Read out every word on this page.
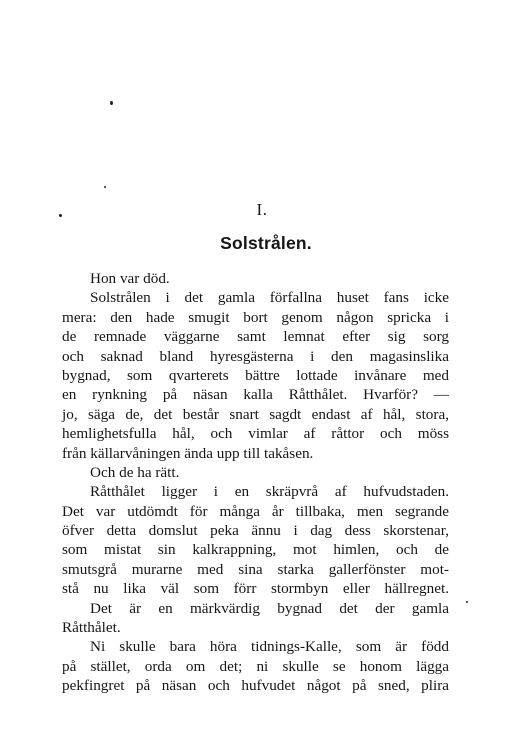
I.
Solstrålen.
Hon var död.
Solstrålen i det gamla förfallna huset fans icke
mera: den hade smugit bort genom någon spricka i
de remnade väggarne samt lemnat efter sig sorg
och saknad bland hyresgästerna i den magasinslika
bygnad, som qvarterets bättre lottade invånare med
en rynkning på näsan kalla Råtthålet. Hvarför? —
jo, säga de, det består snart sagdt endast af hål, stora,
hemlighetsfulla hål, och vimlar af råttor och möss
från källarvåningen ända upp till takåsen.
Och de ha rätt.
Råtthålet ligger i en skräpvrå af hufvudstaden.
Det var utdömdt för många år tillbaka, men segrande
öfver detta domslut peka ännu i dag dess skorstenar,
som mistat sin kalkrappning, mot himlen, och de
smutsgrå murarne med sina starka gallerfönster mot-
stå nu lika väl som förr stormbyn eller hällregnet.
Det är en märkvärdig bygnad det der gamla
Råtthålet.
Ni skulle bara höra tidnings-Kalle, som är född
på stället, orda om det; ni skulle se honom lägga
pekfingret på näsan och hufvudet något på sned, plira
